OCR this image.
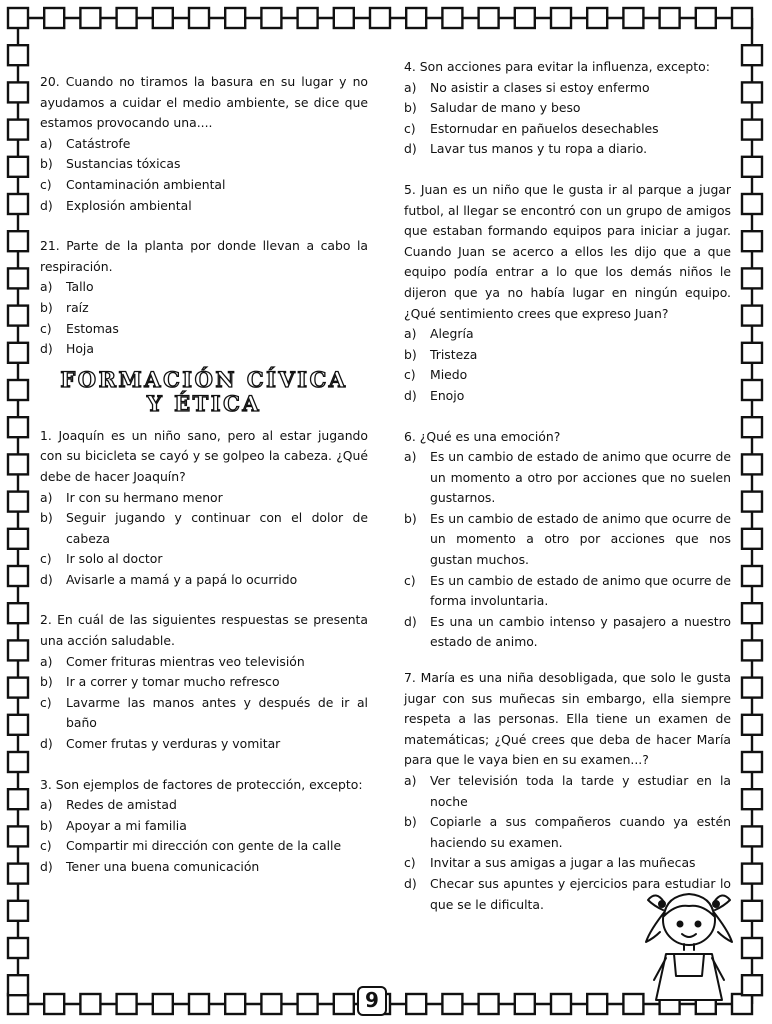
20. Cuando no tiramos la basura en su lugar y no ayudamos a cuidar el medio ambiente, se dice que estamos provocando una....

a)	Catástrofe
b)	Sustancias tóxicas
c)	Contaminación ambiental
d)	Explosión ambiental

21. Parte de la planta por donde llevan a cabo la respiración.

a)	Tallo
b)	raíz
c)	Estomas
d)	Hoja
FORMACIÓN CÍVICA
Y ÉTICA

1. Joaquín es un niño sano, pero al estar jugando con su bicicleta se cayó y se golpeo la cabeza. ¿Qué debe de hacer Joaquín?

a)	Ir con su hermano menor
b)	Seguir jugando y continuar con el dolor de cabeza
c)	Ir solo al doctor
d)	Avisarle a mamá y a papá lo ocurrido

2. En cuál de las siguientes respuestas se presenta una acción saludable.

a)	Comer frituras mientras veo televisión
b)	Ir a correr y tomar mucho refresco
c)	Lavarme las manos antes y después de ir al baño
d)	Comer frutas y verduras y vomitar

3. Son ejemplos de factores de protección, excepto:

a)	Redes de amistad
b)	Apoyar a mi familia
c)	Compartir mi dirección con gente de la calle
d)	Tener una buena comunicación

4. Son acciones para evitar la influenza, excepto:

a)	No asistir a clases si estoy enfermo
b)	Saludar de mano y beso
c)	Estornudar en pañuelos desechables
d)	Lavar tus manos y tu ropa a diario.

5. Juan es un niño que le gusta ir al parque a jugar futbol, al llegar se encontró con un grupo de amigos que estaban formando equipos para iniciar a jugar. Cuando Juan se acerco a ellos les dijo que a que equipo podía entrar a lo que los demás niños le dijeron que ya no había lugar en ningún equipo. ¿Qué sentimiento crees que expreso Juan?

a)	Alegría
b)	Tristeza
c)	Miedo
d)	Enojo

6. ¿Qué es una emoción?

a)	Es un cambio de estado de animo que ocurre de un momento a otro por acciones que no suelen gustarnos.
b)	Es un cambio de estado de animo que ocurre de un momento a otro por acciones que nos gustan muchos.
c)	Es un cambio de estado de animo que ocurre de forma involuntaria.
d)	Es una un cambio intenso y pasajero a nuestro estado de animo.

7. María es una niña desobligada, que solo le gusta jugar con sus muñecas sin embargo, ella siempre respeta a las personas. Ella tiene un examen de matemáticas; ¿Qué crees que deba de hacer María para que le vaya bien en su examen...?

a)	Ver televisión toda la tarde y estudiar en la noche
b)	Copiarle a sus compañeros cuando ya estén haciendo su examen.
c)	Invitar a sus amigas a jugar a las muñecas
d)	Checar sus apuntes y ejercicios para estudiar lo que se le dificulta.
9
